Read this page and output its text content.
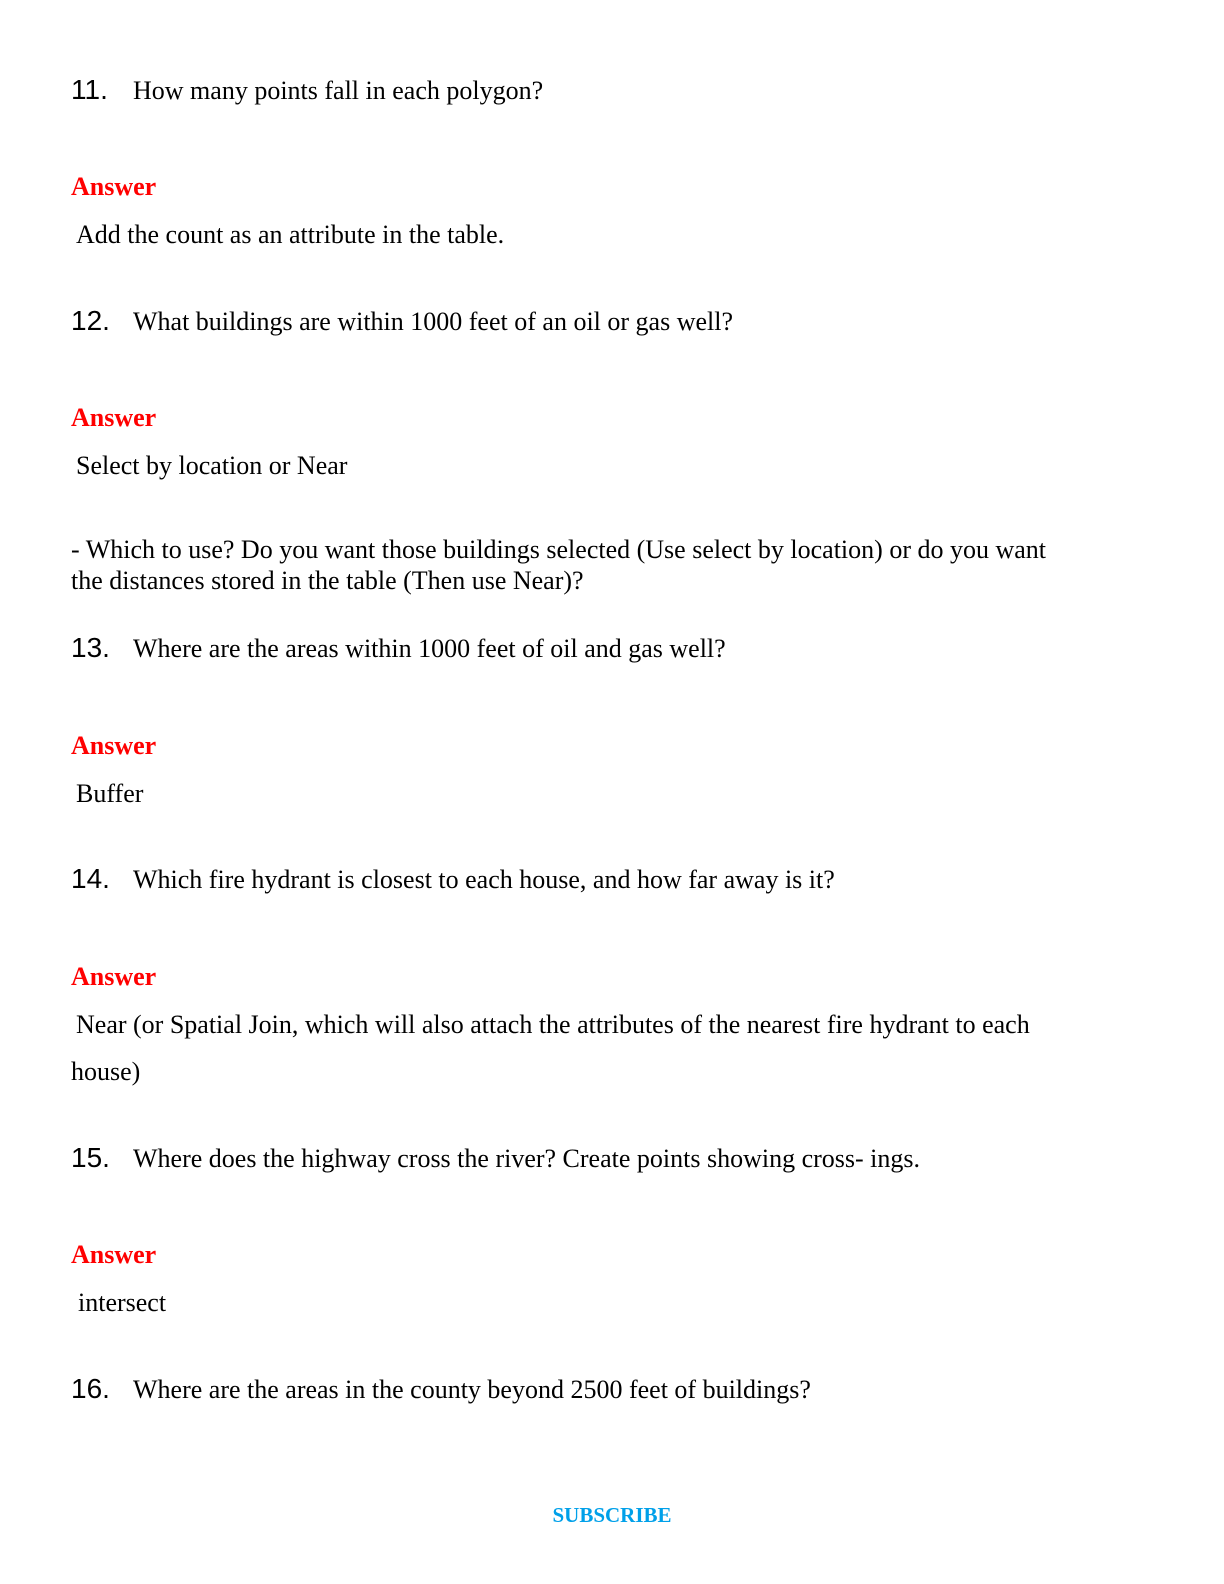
11. How many points fall in each polygon?
Answer
Add the count as an attribute in the table.
12. What buildings are within 1000 feet of an oil or gas well?
Answer
Select by location or Near
- Which to use? Do you want those buildings selected (Use select by location) or do you want
the distances stored in the table (Then use Near)?
13. Where are the areas within 1000 feet of oil and gas well?
Answer
Buffer
14. Which fire hydrant is closest to each house, and how far away is it?
Answer
Near (or Spatial Join, which will also attach the attributes of the nearest fire hydrant to each
house)
15. Where does the highway cross the river? Create points showing cross- ings.
Answer
intersect
16. Where are the areas in the county beyond 2500 feet of buildings?
SUBSCRIBE
